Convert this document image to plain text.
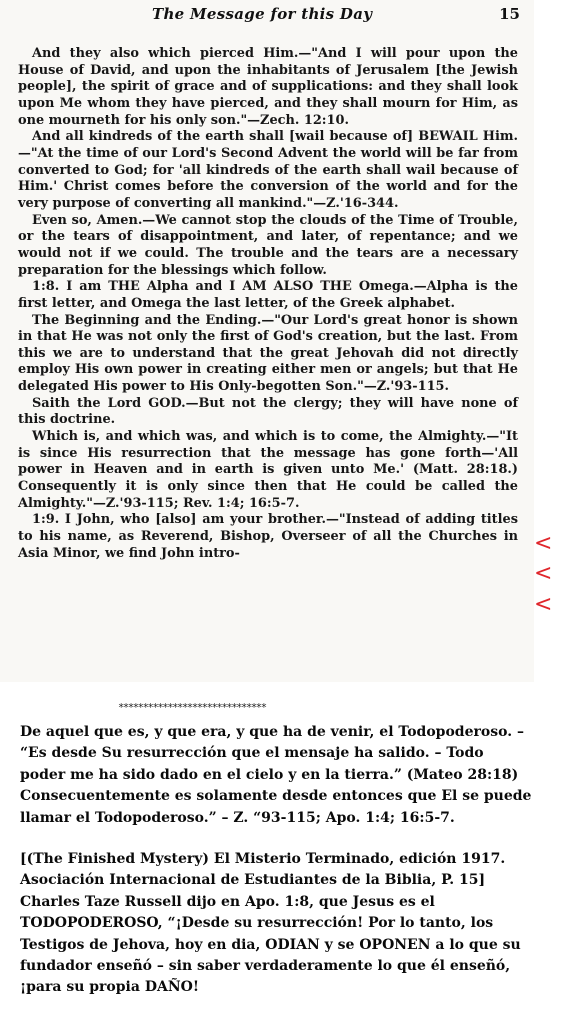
The Message for this Day	15

And they also which pierced Him.—"And I will pour upon the House of David, and upon the inhabitants of Jerusalem [the Jewish people], the spirit of grace and of supplications: and they shall look upon Me whom they have pierced, and they shall mourn for Him, as one mourneth for his only son."—Zech. 12:10.

And all kindreds of the earth shall [wail because of] BEWAIL Him.—"At the time of our Lord's Second Advent the world will be far from converted to God; for 'all kindreds of the earth shall wail because of Him.' Christ comes before the conversion of the world and for the very purpose of converting all mankind."—Z.'16-344.

Even so, Amen.—We cannot stop the clouds of the Time of Trouble, or the tears of disappointment, and later, of repentance; and we would not if we could. The trouble and the tears are a necessary preparation for the blessings which follow.

1:8. I am THE Alpha and I AM ALSO THE Omega.—Alpha is the first letter, and Omega the last letter, of the Greek alphabet.

The Beginning and the Ending.—"Our Lord's great honor is shown in that He was not only the first of God's creation, but the last. From this we are to understand that the great Jehovah did not directly employ His own power in creating either men or angels; but that He delegated His power to His Only-begotten Son."—Z.'93-115.

Saith the Lord GOD.—But not the clergy; they will have none of this doctrine.

Which is, and which was, and which is to come, the Almighty.—"It is since His resurrection that the message has gone forth—'All power in Heaven and in earth is given unto Me.' (Matt. 28:18.) Consequently it is only since then that He could be called the Almighty."—Z.'93-115; Rev. 1:4; 16:5-7.

1:9. I John, who [also] am your brother.—"Instead of adding titles to his name, as Reverend, Bishop, Overseer of all the Churches in Asia Minor, we find John intro-	<
<
<
******************************

De aquel que es, y que era, y que ha de venir, el Todopoderoso. – “Es desde Su resurrección que el mensaje ha salido. – Todo poder me ha sido dado en el cielo y en la tierra.” (Mateo 28:18) Consecuentemente es solamente desde entonces que El se puede llamar el Todopoderoso.” – Z. “93-115; Apo. 1:4; 16:5-7.

[(The Finished Mystery) El Misterio Terminado, edición 1917. Asociación Internacional de Estudiantes de la Biblia, P. 15] Charles Taze Russell dijo en Apo. 1:8, que Jesus es el TODOPODEROSO, “¡Desde su resurrección! Por lo tanto, los Testigos de Jehova, hoy en dia, ODIAN y se OPONEN a lo que su fundador enseñó – sin saber verdaderamente lo que él enseñó, ¡para su propia DAÑO!
